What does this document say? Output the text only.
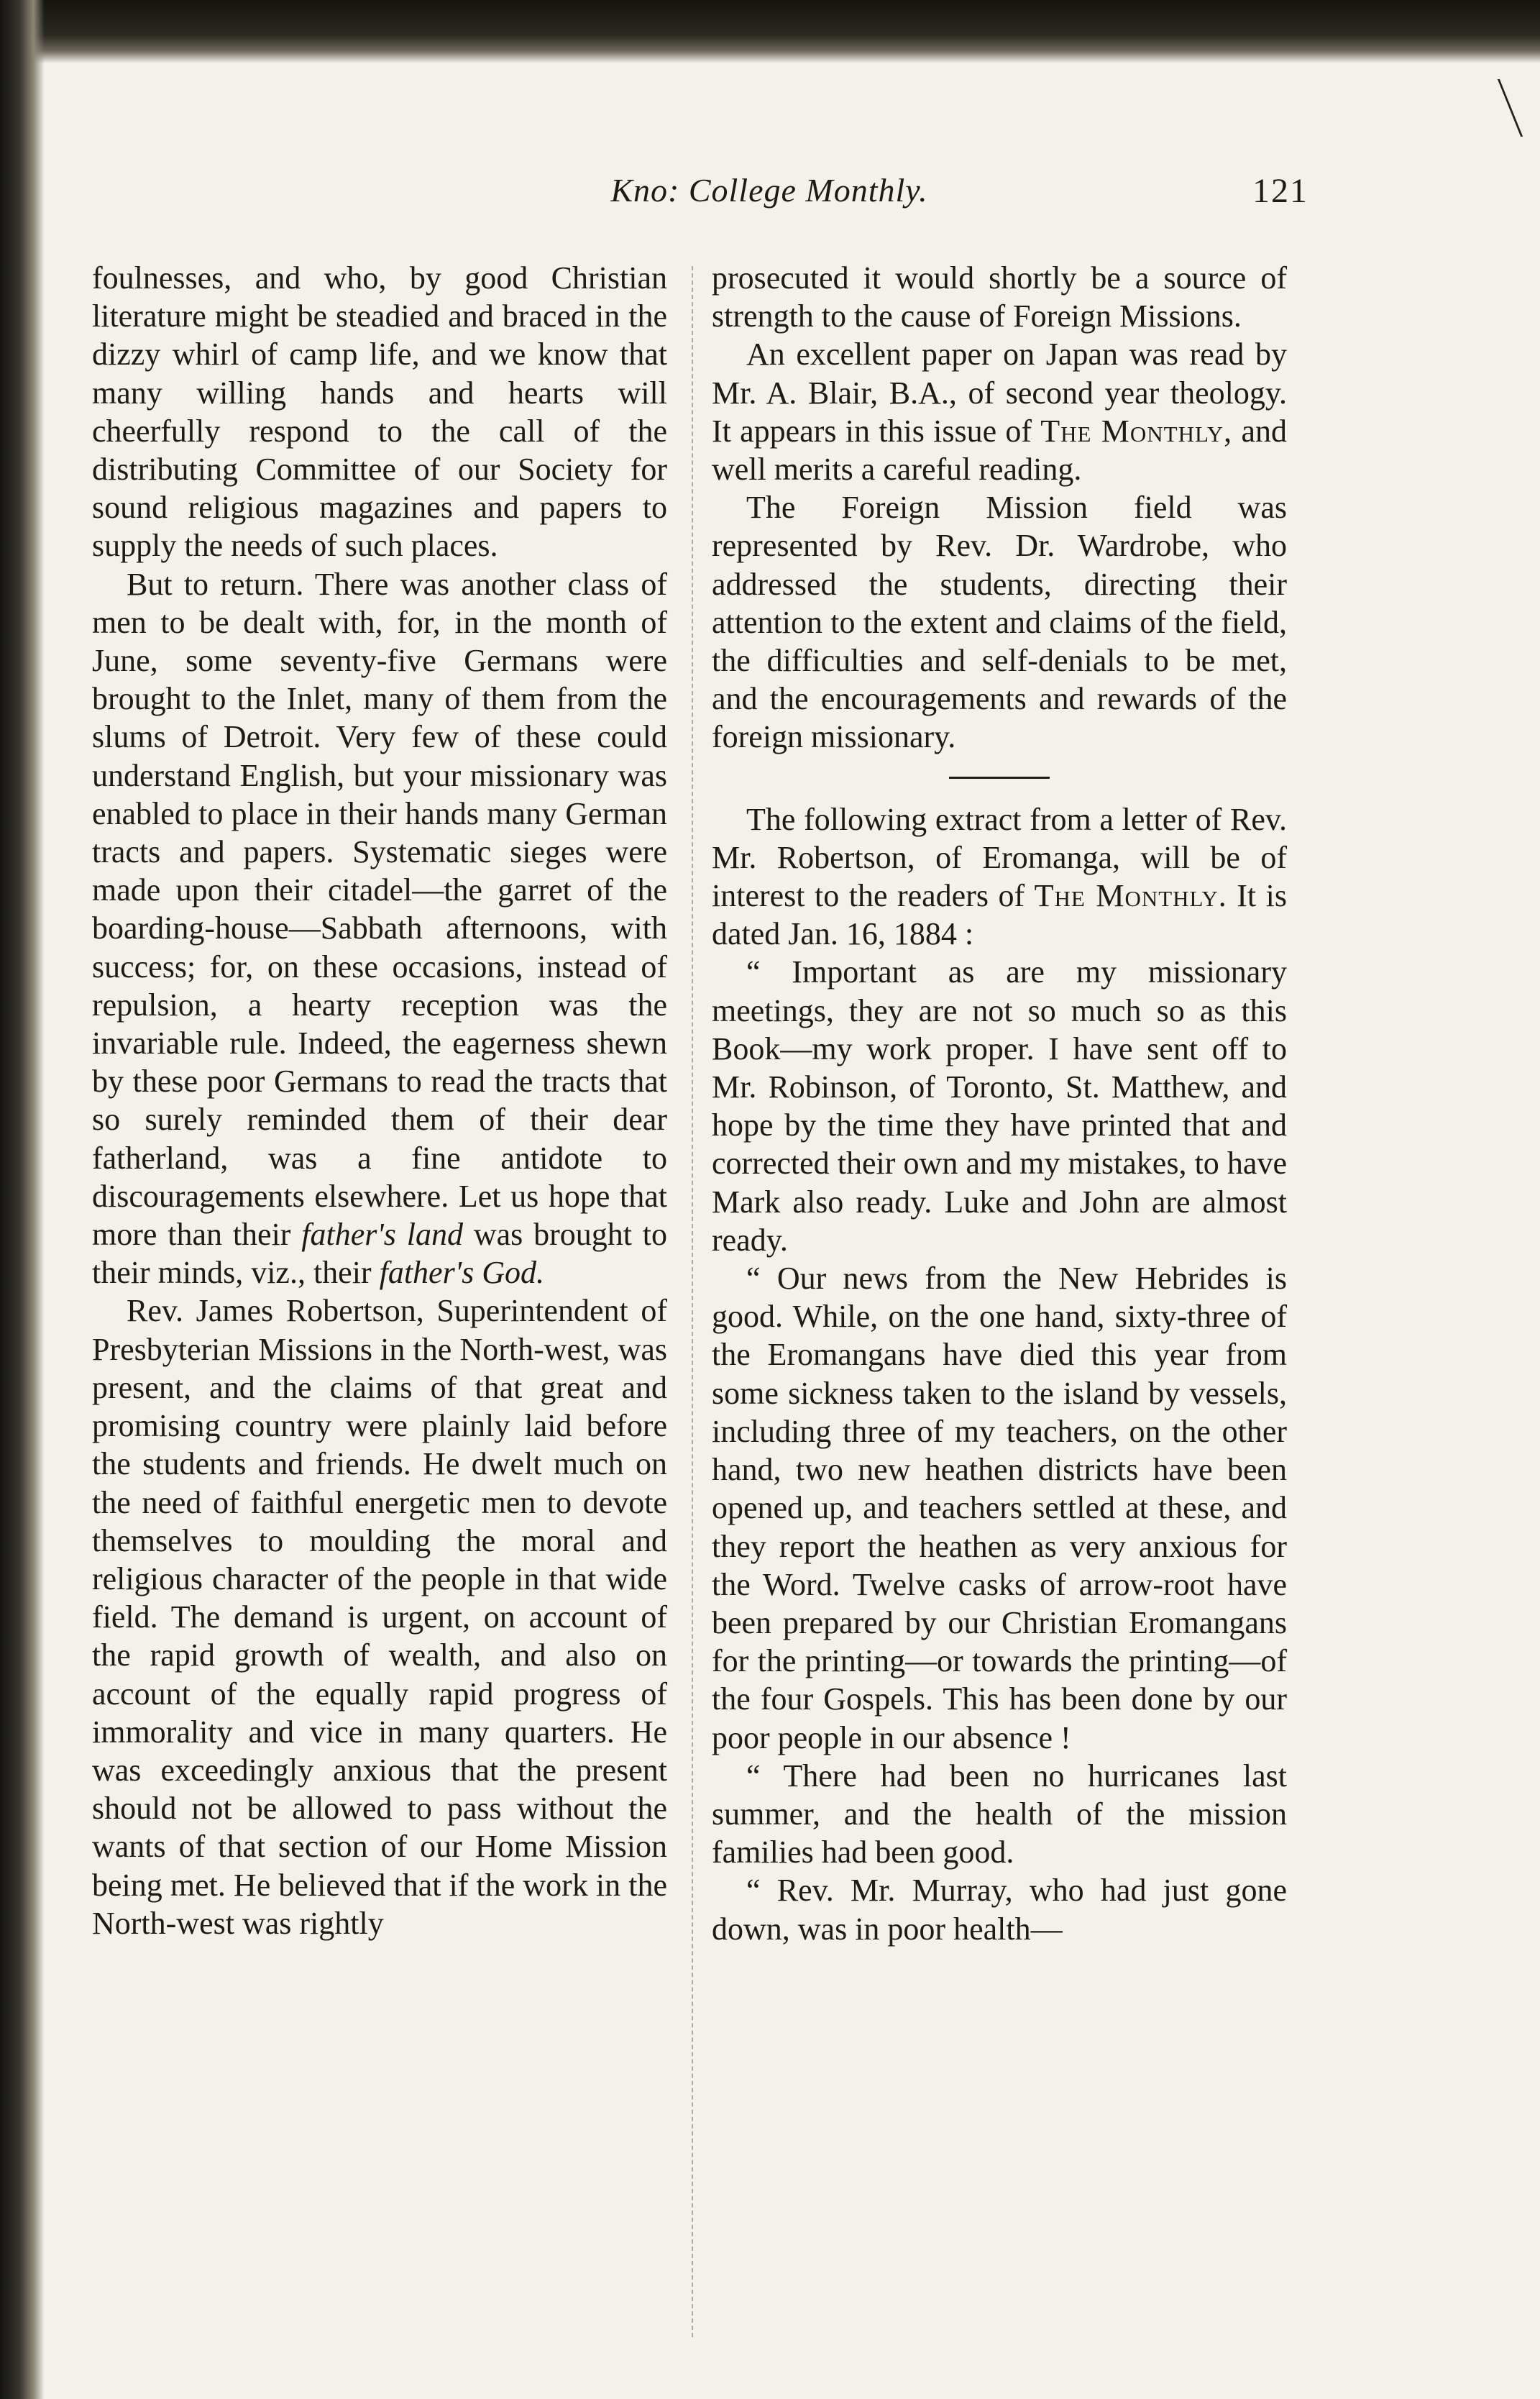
Kno: College Monthly.	121

foulnesses, and who, by good Christian literature might be steadied and braced in the dizzy whirl of camp life, and we know that many willing hands and hearts will cheerfully respond to the call of the distributing Committee of our Society for sound religious magazines and papers to supply the needs of such places.

But to return. There was another class of men to be dealt with, for, in the month of June, some seventy-five Germans were brought to the Inlet, many of them from the slums of Detroit. Very few of these could understand English, but your missionary was enabled to place in their hands many German tracts and papers. Systematic sieges were made upon their citadel—the garret of the boarding-house—Sabbath afternoons, with success; for, on these occasions, instead of repulsion, a hearty reception was the invariable rule. Indeed, the eagerness shewn by these poor Germans to read the tracts that so surely reminded them of their dear fatherland, was a fine antidote to discouragements elsewhere. Let us hope that more than their father's land was brought to their minds, viz., their father's God.

Rev. James Robertson, Superintendent of Presbyterian Missions in the North-west, was present, and the claims of that great and promising country were plainly laid before the students and friends. He dwelt much on the need of faithful energetic men to devote themselves to moulding the moral and religious character of the people in that wide field. The demand is urgent, on account of the rapid growth of wealth, and also on account of the equally rapid progress of immorality and vice in many quarters. He was exceedingly anxious that the present should not be allowed to pass without the wants of that section of our Home Mission being met. He believed that if the work in the North-west was rightly

prosecuted it would shortly be a source of strength to the cause of Foreign Missions.

An excellent paper on Japan was read by Mr. A. Blair, B.A., of second year theology. It appears in this issue of The Monthly, and well merits a careful reading.

The Foreign Mission field was represented by Rev. Dr. Wardrobe, who addressed the students, directing their attention to the extent and claims of the field, the difficulties and self-denials to be met, and the encouragements and rewards of the foreign missionary.

The following extract from a letter of Rev. Mr. Robertson, of Eromanga, will be of interest to the readers of The Monthly. It is dated Jan. 16, 1884 :

“ Important as are my missionary meetings, they are not so much so as this Book—my work proper. I have sent off to Mr. Robinson, of Toronto, St. Matthew, and hope by the time they have printed that and corrected their own and my mistakes, to have Mark also ready. Luke and John are almost ready.

“ Our news from the New Hebrides is good. While, on the one hand, sixty-three of the Eromangans have died this year from some sickness taken to the island by vessels, including three of my teachers, on the other hand, two new heathen districts have been opened up, and teachers settled at these, and they report the heathen as very anxious for the Word. Twelve casks of arrow-root have been prepared by our Christian Eromangans for the printing—or towards the printing—of the four Gospels. This has been done by our poor people in our absence !

“ There had been no hurricanes last summer, and the health of the mission families had been good.

“ Rev. Mr. Murray, who had just gone down, was in poor health—
